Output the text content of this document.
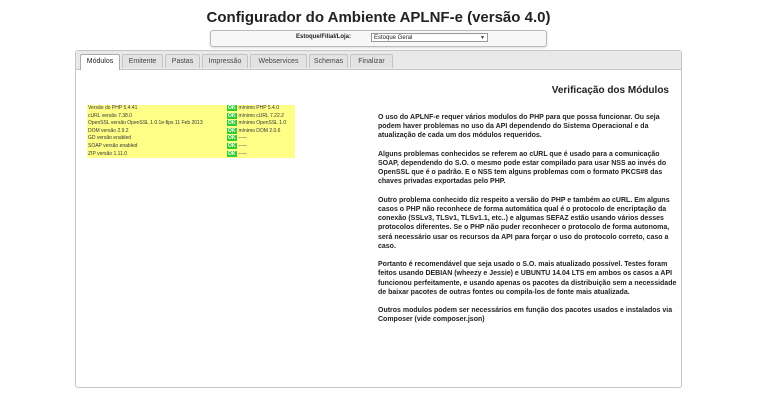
Configurador do Ambiente APLNF-e (versão 4.0)
Estoque/Filial/Loja:	Estoque Geral	▼
Módulos	Emitente	Pastas	Impressão	Webservices	Schemas	Finalizar
Verificação dos Módulos
Versão do PHP 5.4.41	OK mínimo PHP 5.4.0
cURL versão 7.38.0	OK mínimo cURL 7.22.2
OpenSSL versão OpenSSL 1.0.1e-fips 11 Feb 2013	OK mínimo OpenSSL 1.0
DOM versão 2.9.2	OK mínimo DOM 2.0.6
GD versão enabled	OK -----
SOAP versão enabled	OK -----
ZIP versão 1.11.0	OK -----

O uso do APLNF-e requer vários modulos do PHP para que possa funcionar. Ou seja podem haver problemas no uso da API dependendo do Sistema Operacional e da atualização de cada um dos módulos requeridos.

Alguns problemas conhecidos se referem ao cURL que é usado para a comunicação SOAP, dependendo do S.O. o mesmo pode estar compilado para usar NSS ao invés do OpenSSL que é o padrão. E o NSS tem alguns problemas com o formato PKCS#8 das chaves privadas exportadas pelo PHP.

Outro problema conhecido diz respeito a versão do PHP e também ao cURL. Em alguns casos o PHP não reconhece de forma automática qual é o protocolo de encriptação da conexão (SSLv3, TLSv1, TLSv1.1, etc..) e algumas SEFAZ estão usando vários desses protocolos diferentes. Se o PHP não puder reconhecer o protocolo de forma autonoma, será necessário usar os recursos da API para forçar o uso do protocolo correto, caso a caso.

Portanto é recomendável que seja usado o S.O. mais atualizado possível. Testes foram feitos usando DEBIAN (wheezy e Jessie) e UBUNTU 14.04 LTS em ambos os casos a API funcionou perfeitamente, e usando apenas os pacotes da distribuição sem a necessidade de baixar pacotes de outras fontes ou compila-los de fonte mais atualizada.

Outros modulos podem ser necessários em função dos pacotes usados e instalados via Composer (vide composer.json)
